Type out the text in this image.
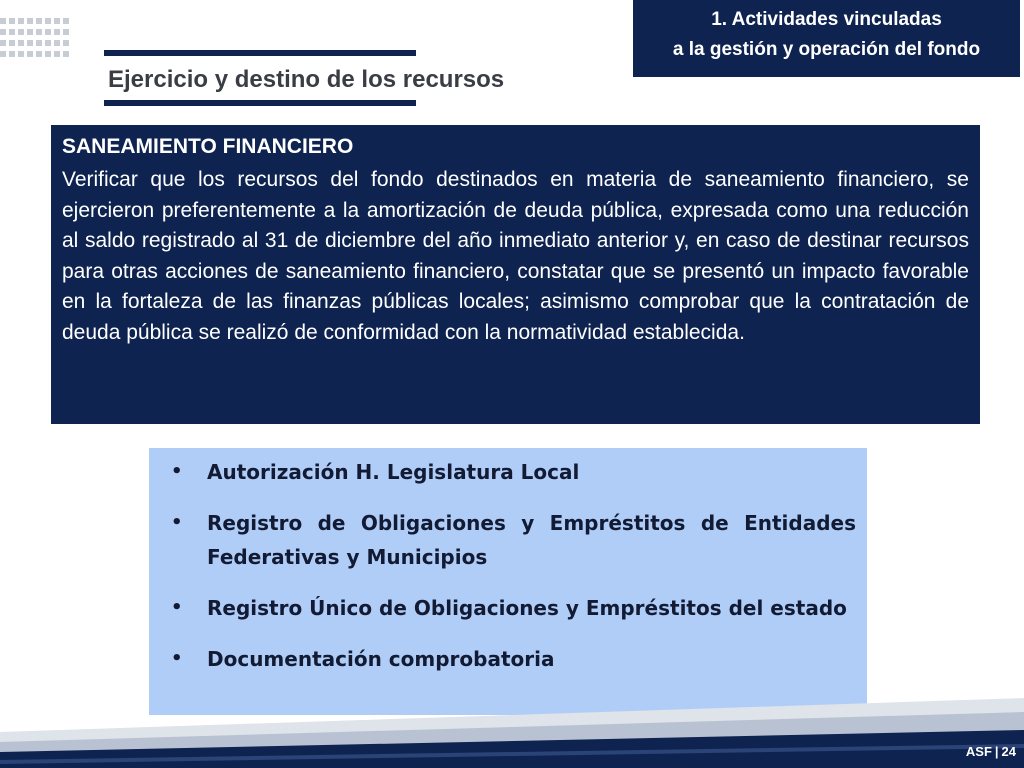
1. Actividades vinculadas
a la gestión y operación del fondo
Ejercicio y destino de los recursos
SANEAMIENTO FINANCIERO

Verificar que los recursos del fondo destinados en materia de saneamiento financiero, se ejercieron preferentemente a la amortización de deuda pública, expresada como una reducción al saldo registrado al 31 de diciembre del año inmediato anterior y, en caso de destinar recursos para otras acciones de saneamiento financiero, constatar que se presentó un impacto favorable en la fortaleza de las finanzas públicas locales; asimismo comprobar que la contratación de deuda pública se realizó de conformidad con la normatividad establecida.

• Autorización H. Legislatura Local
• Registro de Obligaciones y Empréstitos de Entidades Federativas y Municipios
• Registro Único de Obligaciones y Empréstitos del estado
• Documentación comprobatoria
ASF | 24
